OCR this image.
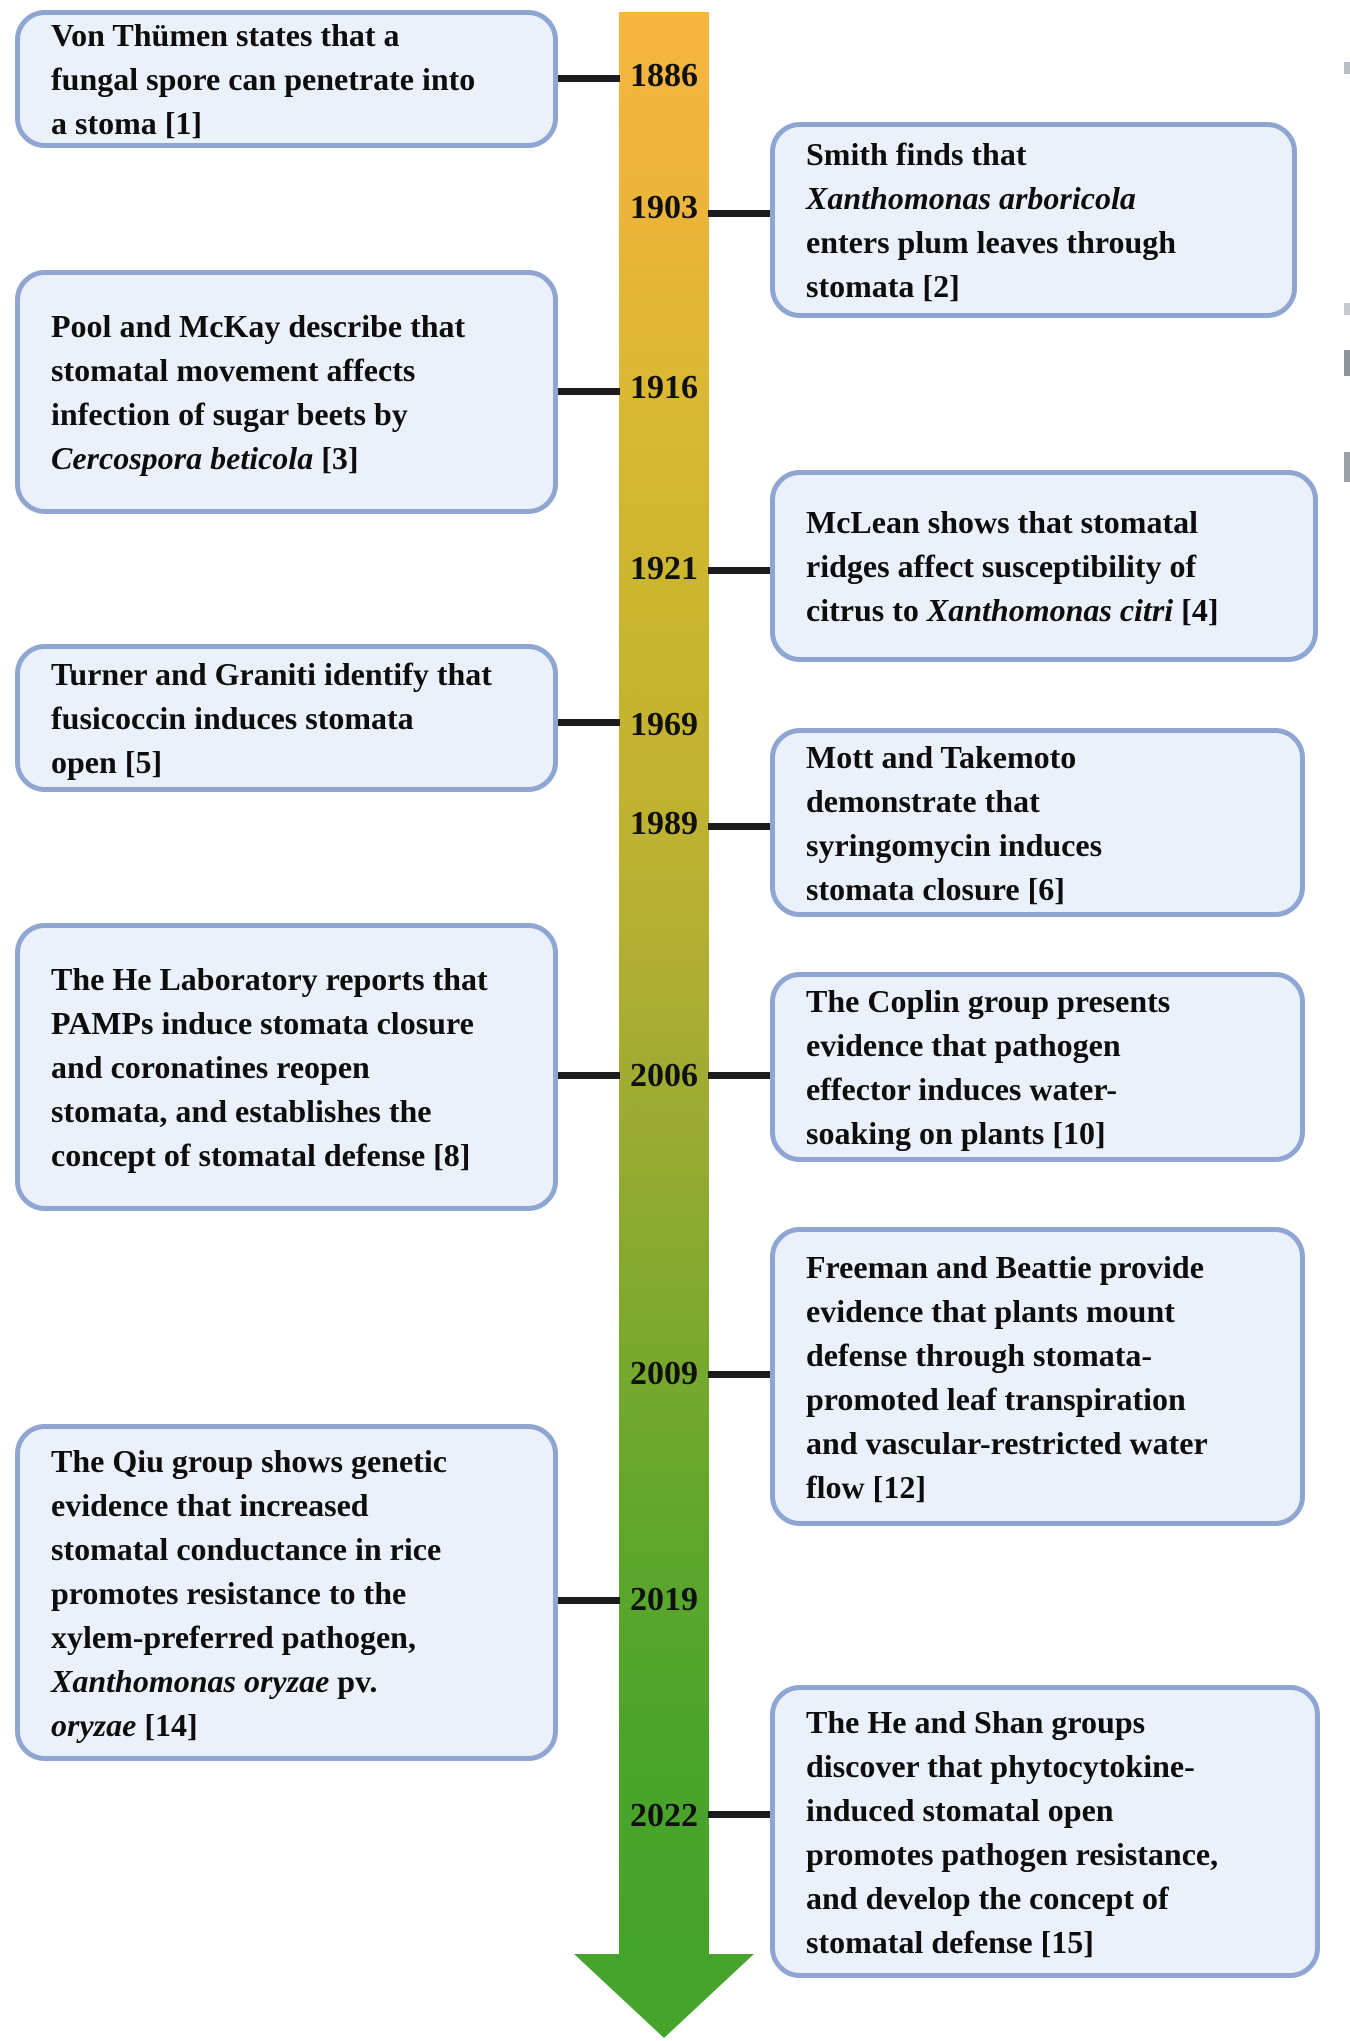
1886
1903
1916
1921
1969
1989
2006
2009
2019
2022
Von Thümen states that a
fungal spore can penetrate into
a stoma [1]
Smith finds that
Xanthomonas arboricola
enters plum leaves through
stomata [2]
Pool and McKay describe that
stomatal movement affects
infection of sugar beets by
Cercospora beticola [3]
McLean shows that stomatal
ridges affect susceptibility of
citrus to Xanthomonas citri [4]
Turner and Graniti identify that
fusicoccin induces stomata
open [5]	Mott and Takemoto
demonstrate that
syringomycin induces
stomata closure [6]
The He Laboratory reports that
PAMPs induce stomata closure
and coronatines reopen
stomata, and establishes the
concept of stomatal defense [8]
The Coplin group presents
evidence that pathogen
effector induces water-
soaking on plants [10]
Freeman and Beattie provide
evidence that plants mount
defense through stomata-
promoted leaf transpiration
and vascular-restricted water
flow [12]
The Qiu group shows genetic
evidence that increased
stomatal conductance in rice
promotes resistance to the
xylem-preferred pathogen,
Xanthomonas oryzae pv.
oryzae [14]	The He and Shan groups
discover that phytocytokine-
induced stomatal open
promotes pathogen resistance,
and develop the concept of
stomatal defense [15]
